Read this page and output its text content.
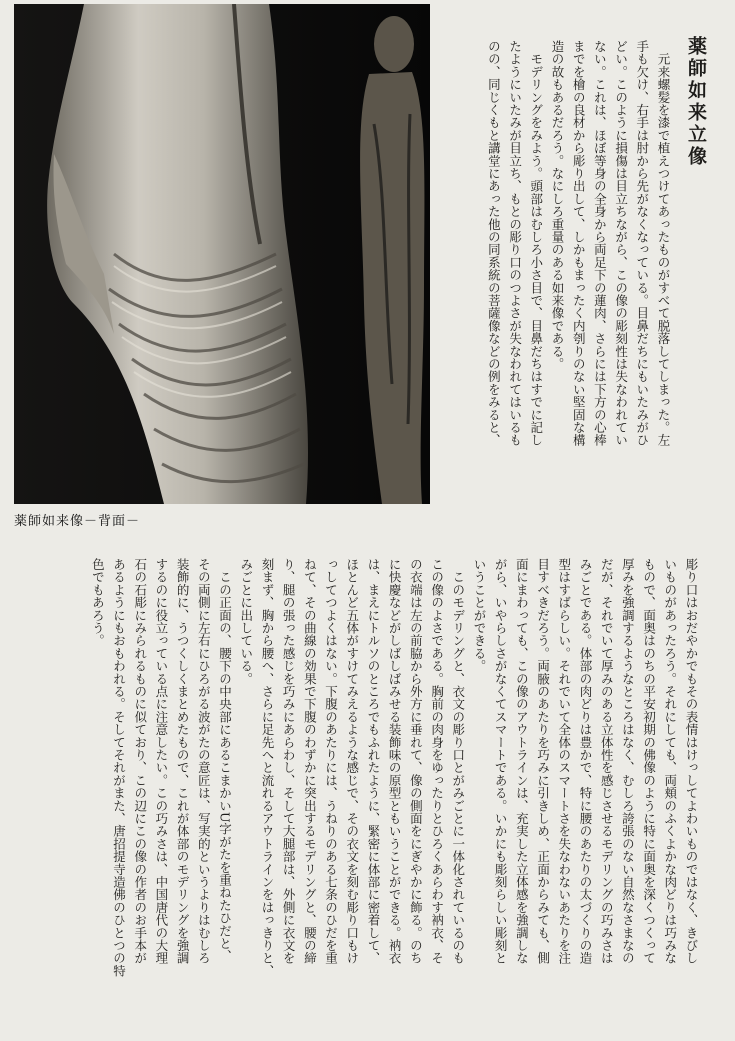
薬師如来像－背面－
薬師如来立像
　元来螺髪を漆で植えつけてあったものがすべて脱落してしまった。左
手も欠け、右手は肘から先がなくなっている。目鼻だちにもいたみがひ
どい。このように損傷は目立ちながら、この像の彫刻性は失なわれてい
ない。これは、ほぼ等身の全身から両足下の蓮肉、さらには下方の心棒
までを檜の良材から彫り出して、しかもまったく内刳りのない堅固な構
造の故もあるだろう。なにしろ重量のある如来像である。
　モデリングをみよう。頭部はむしろ小さ目で、目鼻だちはすでに記し
たようにいたみが目立ち、もとの彫り口のつよさが失なわれてはいるも
のの、同じくもと講堂にあった他の同系統の菩薩像などの例をみると、
彫り口はおだやかでもその表情はけっしてよわいものではなく、きびし
いものがあったろう。それにしても、両頬のふくよかな肉どりは巧みな
もので、面奥はのちの平安初期の佛像のように特に面奥を深くつくって
厚みを強調するようなところはなく、むしろ誇張のない自然なさまなの
だが、それでいて厚みのある立体性を感じさせるモデリングの巧みさは
みごとである。体部の肉どりは豊かで、特に腰のあたりの太づくりの造
型はすばらしい。それでいて全体のスマートさを失なわないあたりを注
目すべきだろう。両腋のあたりを巧みに引きしめ、正面からみても、側
面にまわっても、この像のアウトラインは、充実した立体感を強調しな
がら、いやらしさがなくてスマートである。いかにも彫刻らしい彫刻と
いうことができる。
　このモデリングと、衣文の彫り口とがみごとに一体化されているのも
この像のよさである。胸前の肉身をゆったりとひろくあらわす衲衣、そ
の衣端は左の前脇から外方に垂れて、像の側面をにぎやかに飾る。のち
に快慶などがしばしばみせる装飾味の原型ともいうことができる。衲衣
は、まえにトルソのところでもふれたように、緊密に体部に密着して、
ほとんど五体がすけてみえるような感じで、その衣文を刻む彫り口もけ
っしてつよくはない。下腹のあたりには、うねりのある七条のひだを重
ねて、その曲線の効果で下腹のわずかに突出するモデリングと、腰の締
り、腿の張った感じを巧みにあらわし、そして大腿部は、外側に衣文を
刻まず、胸から腰へ、さらに足先へと流れるアウトラインをはっきりと、
みごとに出している。
　この正面の、腰下の中央部にあるこまかいU字がたを重ねたひだと、
その両側に左右にひろがる波がたの意匠は、写実的というよりはむしろ
装飾的に、うつくしくまとめたもので、これが体部のモデリングを強調
するのに役立っている点に注意したい。この巧みさは、中国唐代の大理
石の石彫にみられるものに似ており、この辺にこの像の作者のお手本が
あるようにもおもわれる。そしてそれがまた、唐招提寺造佛のひとつの特
色でもあろう。
